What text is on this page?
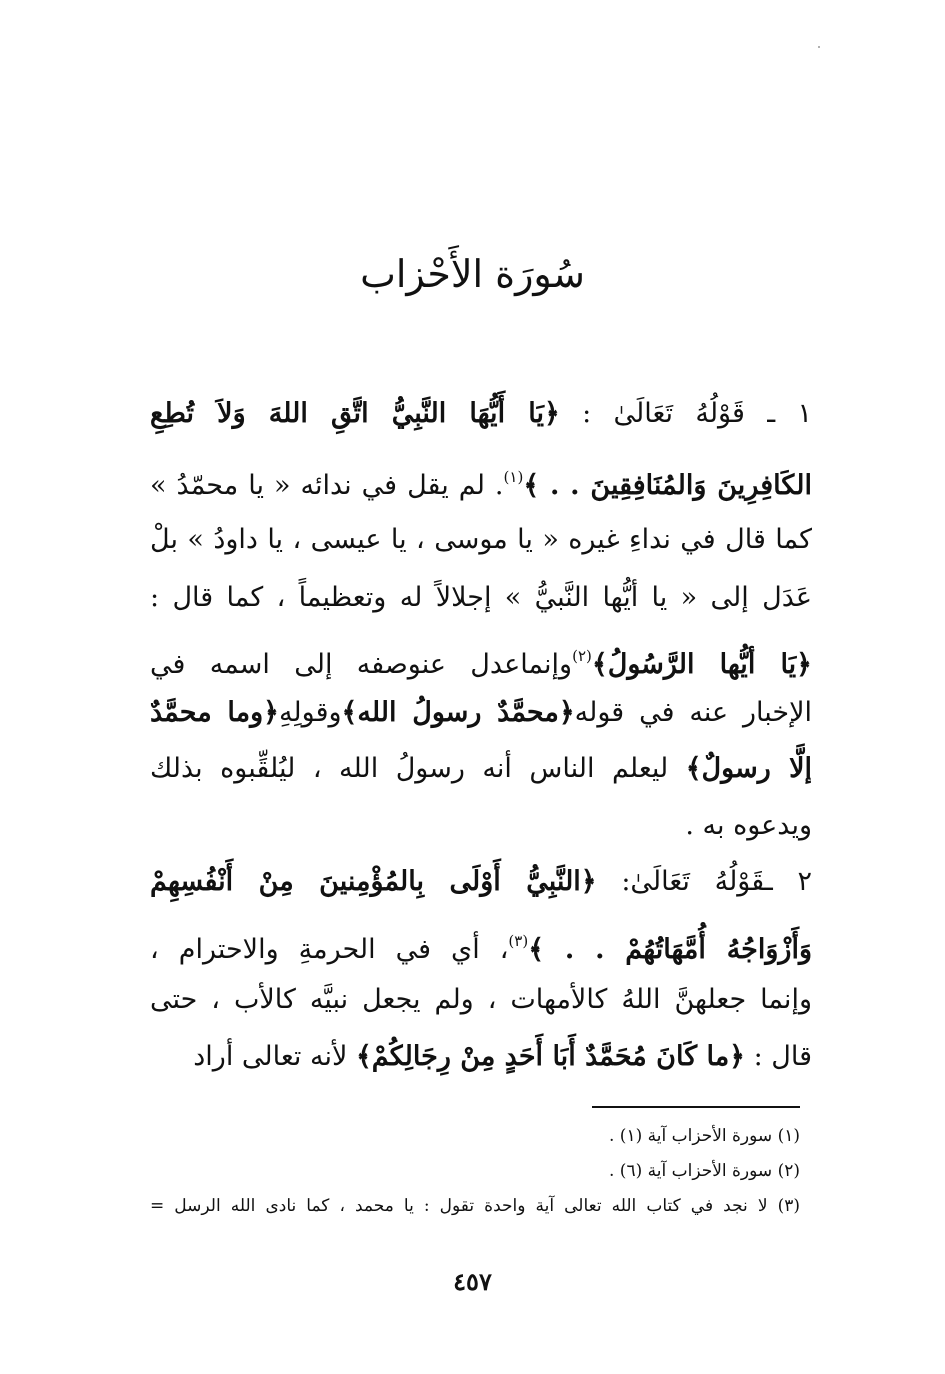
سُورَة الأَحْزاب
١ ـ قَوْلُهُ تَعَالَىٰ : ﴿يَا أَيُّهَا النَّبِيُّ اتَّقِ اللهَ وَلاَ تُطِعِ
الكَافِرِينَ وَالمُنَافِقِينَ . . ﴾$^{(١)}$. لم يقل في ندائه « يا محمّدُ »
كما قال في نداءِ غيره « يا موسى ، يا عيسى ، يا داودُ » بلْ
عَدَل إلى « يا أيُّها النَّبيُّ » إجلالاً له وتعظيماً ، كما قال :
﴿يَا أيُّها الرَّسُولُ﴾$^{(٢)}$وإنماعدل عنوصفه إلى اسمه في
الإخبار عنه في قوله﴿محمَّدٌ رسولُ الله﴾وقولِهِ﴿وما محمَّدٌ
إلَّا رسولٌ﴾ ليعلم الناس أنه رسولُ الله ، ليُلقِّبوه بذلك
ويدعوه به .
٢ ـقَوْلُهُ تَعَالَىٰ: ﴿النَّبِيُّ أَوْلَى بِالمُؤْمِنينَ مِنْ أَنْفُسِهِمْ
وَأَزْوَاجُهُ أُمَّهَاتُهُمْ . . ﴾$^{(٣)}$، أي في الحرمةِ والاحترام ،
وإنما جعلهنَّ اللهُ كالأمهات ، ولم يجعل نبيَّه كالأب ، حتى
قال : ﴿ما كَانَ مُحَمَّدٌ أَبَا أَحَدٍ مِنْ رِجَالِكُمْ﴾ لأنه تعالى أراد
(١) سورة الأحزاب آية (١) .
(٢) سورة الأحزاب آية (٦) .
(٣) لا نجد في كتاب الله تعالى آية واحدة تقول : يا محمد ، كما نادى الله الرسل =
٤٥٧
